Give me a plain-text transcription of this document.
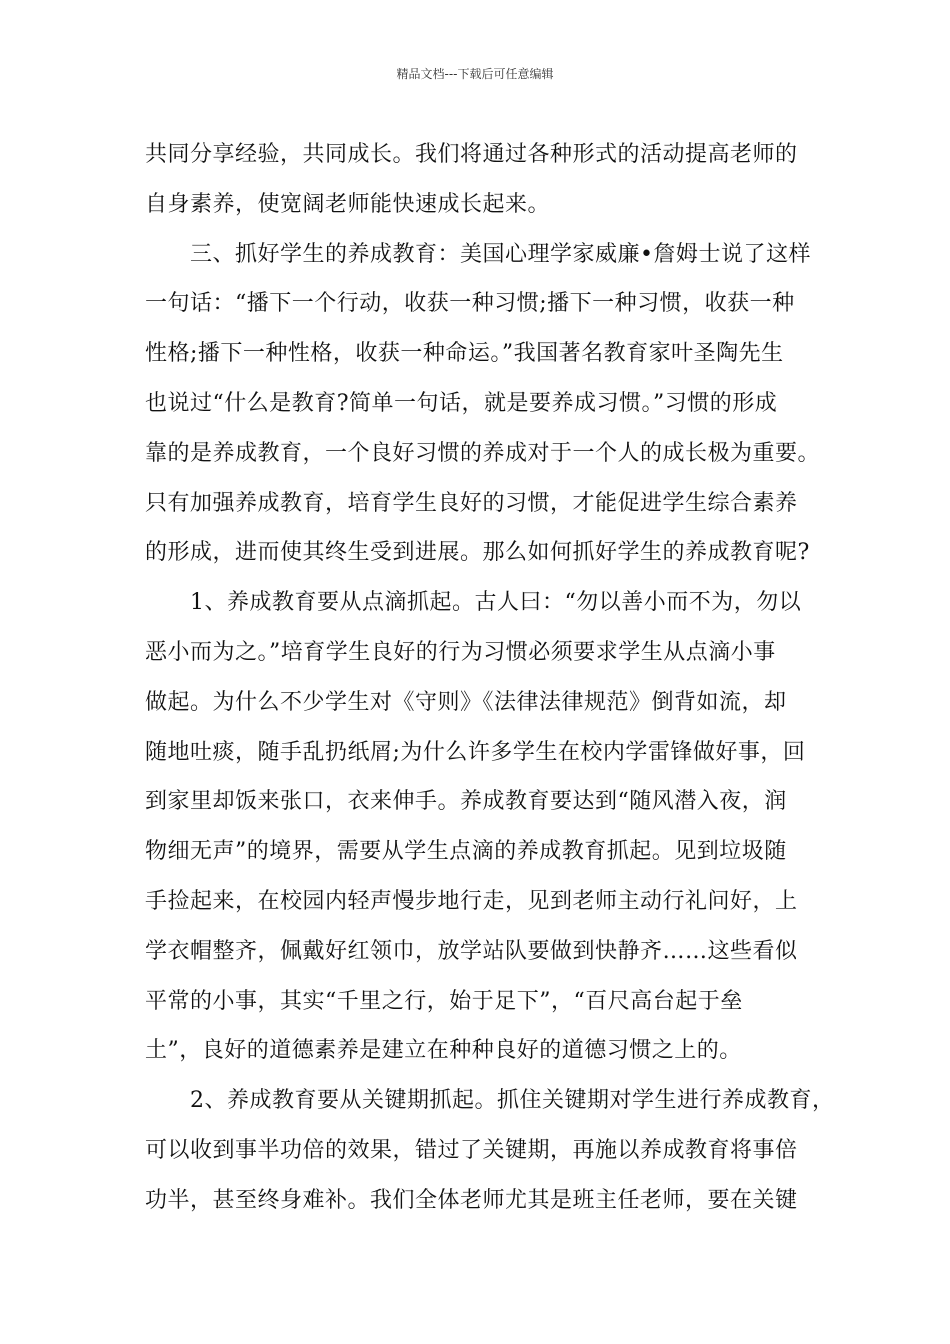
精品文档---下载后可任意编辑
共同分享经验，共同成长。我们将通过各种形式的活动提高老师的
自身素养，使宽阔老师能快速成长起来。
　　三、抓好学生的养成教育：美国心理学家威廉•詹姆士说了这样
一句话：“播下一个行动，收获一种习惯;播下一种习惯，收获一种
性格;播下一种性格，收获一种命运。”我国著名教育家叶圣陶先生
也说过“什么是教育?简单一句话，就是要养成习惯。”习惯的形成
靠的是养成教育，一个良好习惯的养成对于一个人的成长极为重要。
只有加强养成教育，培育学生良好的习惯，才能促进学生综合素养
的形成，进而使其终生受到进展。那么如何抓好学生的养成教育呢?
　　1、养成教育要从点滴抓起。古人曰：“勿以善小而不为，勿以
恶小而为之。”培育学生良好的行为习惯必须要求学生从点滴小事
做起。为什么不少学生对《守则》《法律法律规范》倒背如流，却
随地吐痰，随手乱扔纸屑;为什么许多学生在校内学雷锋做好事，回
到家里却饭来张口，衣来伸手。养成教育要达到“随风潜入夜，润
物细无声”的境界，需要从学生点滴的养成教育抓起。见到垃圾随
手捡起来，在校园内轻声慢步地行走，见到老师主动行礼问好，上
学衣帽整齐，佩戴好红领巾，放学站队要做到快静齐……这些看似
平常的小事，其实“千里之行，始于足下”，“百尺高台起于垒
土”，良好的道德素养是建立在种种良好的道德习惯之上的。
　　2、养成教育要从关键期抓起。抓住关键期对学生进行养成教育，
可以收到事半功倍的效果，错过了关键期，再施以养成教育将事倍
功半，甚至终身难补。我们全体老师尤其是班主任老师，要在关键
